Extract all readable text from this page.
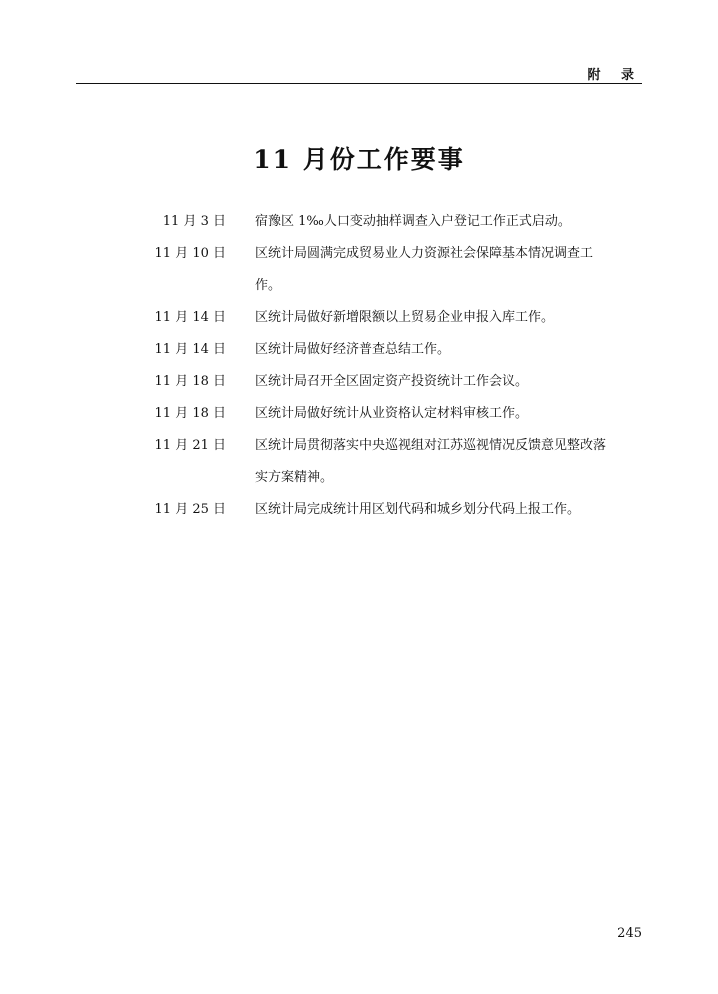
附 录
11 月份工作要事
11 月 3 日 宿豫区 1‰人口变动抽样调查入户登记工作正式启动。
11 月 10 日 区统计局圆满完成贸易业人力资源社会保障基本情况调查工作。
11 月 14 日 区统计局做好新增限额以上贸易企业申报入库工作。
11 月 14 日 区统计局做好经济普查总结工作。
11 月 18 日 区统计局召开全区固定资产投资统计工作会议。
11 月 18 日 区统计局做好统计从业资格认定材料审核工作。
11 月 21 日 区统计局贯彻落实中央巡视组对江苏巡视情况反馈意见整改落实方案精神。
11 月 25 日 区统计局完成统计用区划代码和城乡划分代码上报工作。
245
